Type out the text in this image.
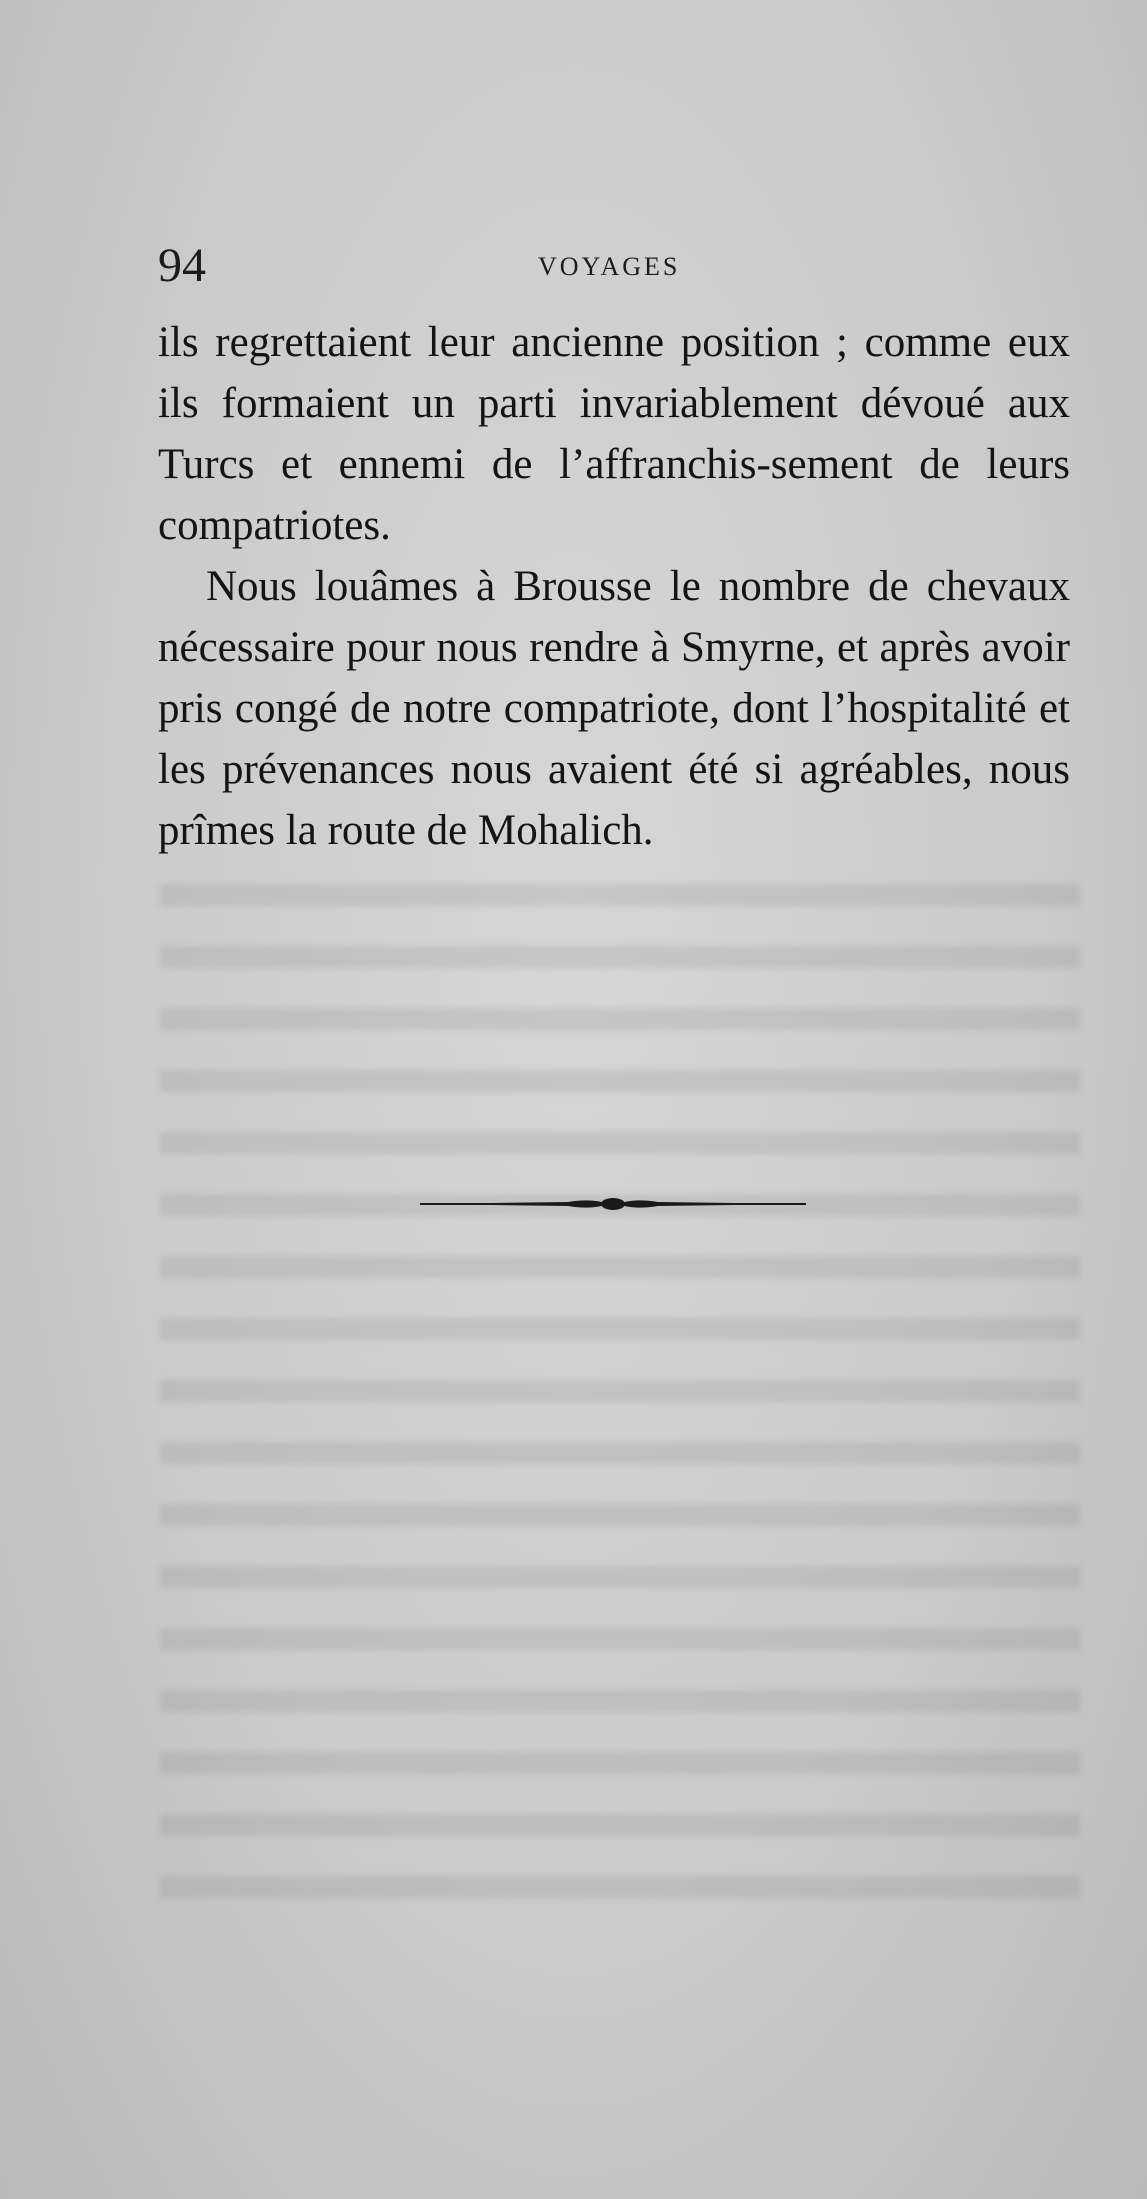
94	VOYAGES

ils regrettaient leur ancienne position ; comme eux ils formaient un parti invariablement dévoué aux Turcs et ennemi de l’affranchis-sement de leurs compatriotes.

Nous louâmes à Brousse le nombre de chevaux nécessaire pour nous rendre à Smyrne, et après avoir pris congé de notre compatriote, dont l’hospitalité et les prévenances nous avaient été si agréables, nous prîmes la route de Mohalich.
